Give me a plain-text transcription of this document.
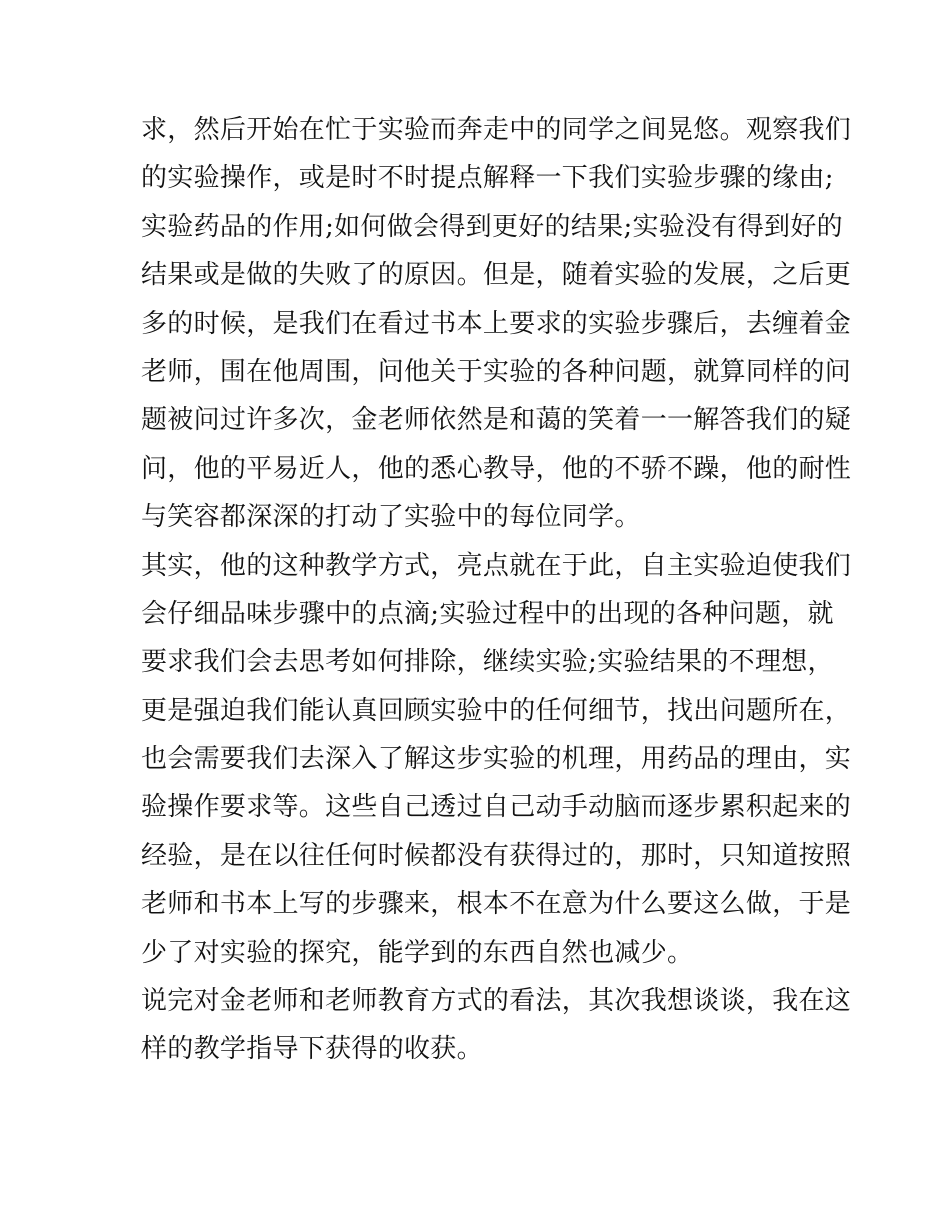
求，然后开始在忙于实验而奔走中的同学之间晃悠。观察我们
的实验操作，或是时不时提点解释一下我们实验步骤的缘由;
实验药品的作用;如何做会得到更好的结果;实验没有得到好的
结果或是做的失败了的原因。但是，随着实验的发展，之后更
多的时候，是我们在看过书本上要求的实验步骤后，去缠着金
老师，围在他周围，问他关于实验的各种问题，就算同样的问
题被问过许多次，金老师依然是和蔼的笑着一一解答我们的疑
问，他的平易近人，他的悉心教导，他的不骄不躁，他的耐性
与笑容都深深的打动了实验中的每位同学。
其实，他的这种教学方式，亮点就在于此，自主实验迫使我们
会仔细品味步骤中的点滴;实验过程中的出现的各种问题，就
要求我们会去思考如何排除，继续实验;实验结果的不理想，
更是强迫我们能认真回顾实验中的任何细节，找出问题所在，
也会需要我们去深入了解这步实验的机理，用药品的理由，实
验操作要求等。这些自己透过自己动手动脑而逐步累积起来的
经验，是在以往任何时候都没有获得过的，那时，只知道按照
老师和书本上写的步骤来，根本不在意为什么要这么做，于是
少了对实验的探究，能学到的东西自然也减少。
说完对金老师和老师教育方式的看法，其次我想谈谈，我在这
样的教学指导下获得的收获。
